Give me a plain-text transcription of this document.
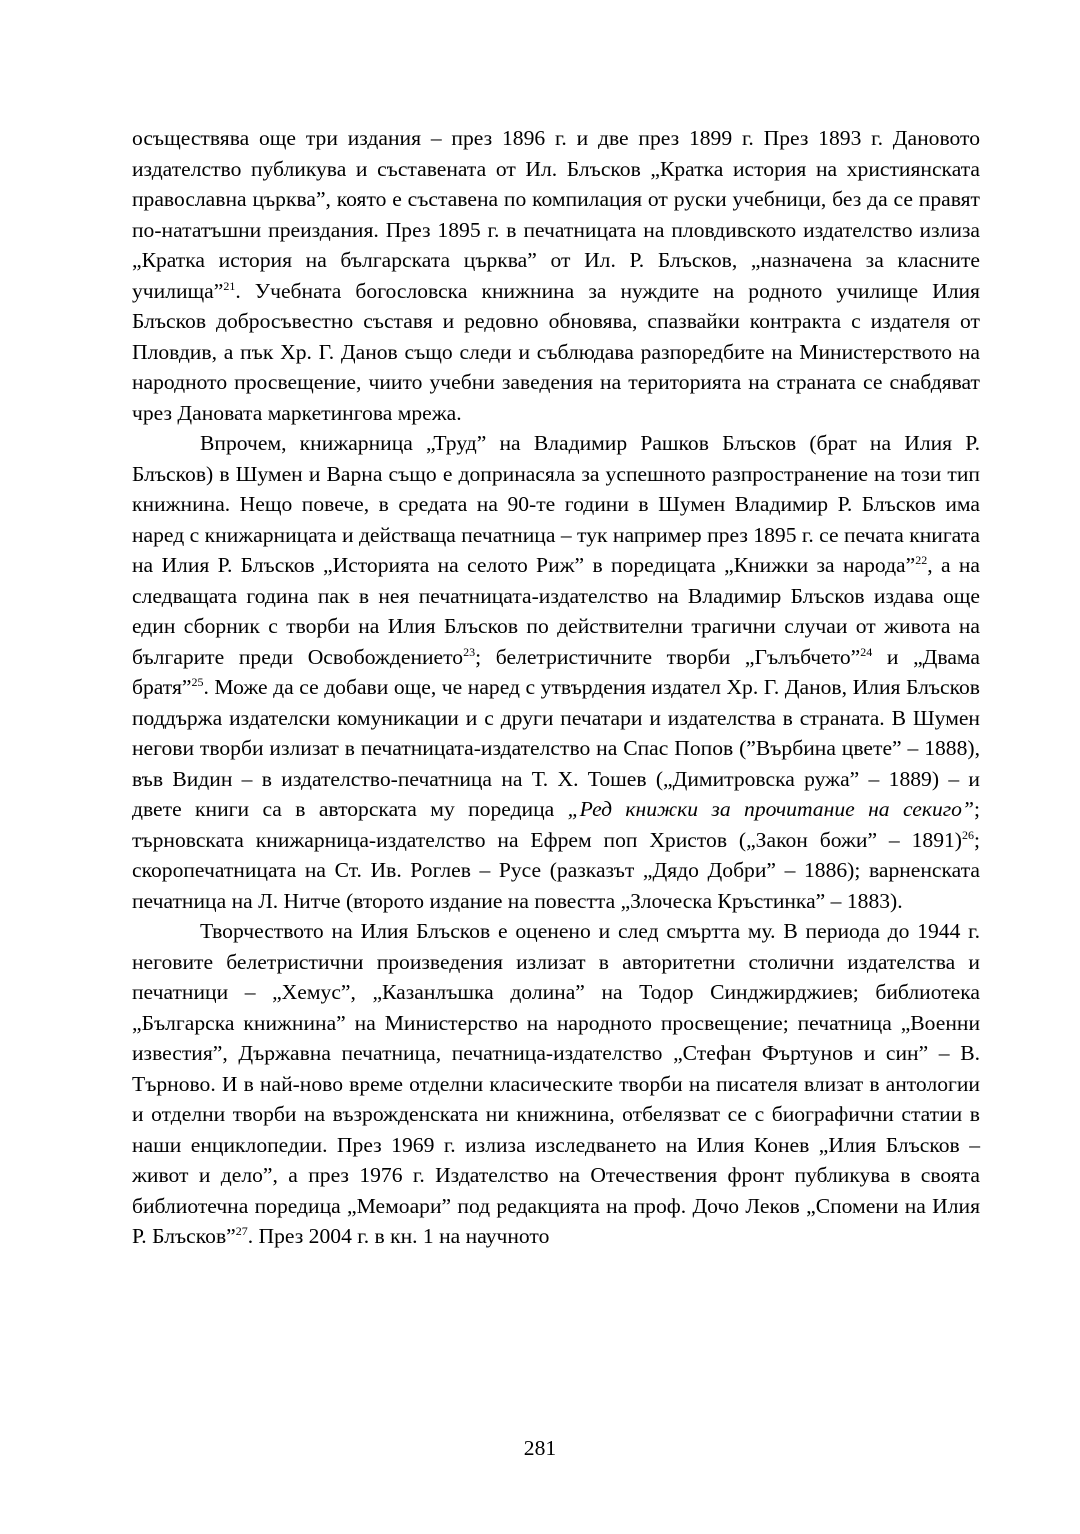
осъществява още три издания – през 1896 г. и две през 1899 г. През 1893 г. Дановото издателство публикува и съставената от Ил. Блъсков „Кратка история на християнската православна църква”, която е съставена по компилация от руски учебници, без да се правят по-нататъшни преиздания. През 1895 г. в печатницата на пловдивското издателство излиза „Кратка история на българската църква” от Ил. Р. Блъсков, „назначена за класните училища”$^{21}$. Учебната богословска книжнина за нуждите на родното училище Илия Блъсков добросъвестно съставя и редовно обновява, спазвайки контракта с издателя от Пловдив, а пък Хр. Г. Данов също следи и съблюдава разпоредбите на Министерството на народното просвещение, чиито учебни заведения на територията на страната се снабдяват чрез Дановата маркетингова мрежа.

Впрочем, книжарница „Труд” на Владимир Рашков Блъсков (брат на Илия Р. Блъсков) в Шумен и Варна също е допринасяла за успешното разпространение на този тип книжнина. Нещо повече, в средата на 90-те години в Шумен Владимир Р. Блъсков има наред с книжарницата и действаща печатница – тук например през 1895 г. се печата книгата на Илия Р. Блъсков „Историята на селото Риж” в поредицата „Книжки за народа”$^{22}$, а на следващата година пак в нея печатницата-издателство на Владимир Блъсков издава още един сборник с творби на Илия Блъсков по действителни трагични случаи от живота на българите преди Освобождението$^{23}$; белетристичните творби „Гълъбчето”$^{24}$ и „Двама братя”$^{25}$. Може да се добави още, че наред с утвърдения издател Хр. Г. Данов, Илия Блъсков поддържа издателски комуникации и с други печатари и издателства в страната. В Шумен негови творби излизат в печатницата-издателство на Спас Попов (”Върбина цвете” – 1888), във Видин – в издателство-печатница на Т. Х. Тошев („Димитровска ружа” – 1889) – и двете книги са в авторската му поредица „Ред книжки за прочитание на секиго”; търновската книжарница-издателство на Ефрем поп Христов („Закон божи” – 1891)$^{26}$; скоропечатницата на Ст. Ив. Роглев – Русе (разказът „Дядо Добри” – 1886); варненската печатница на Л. Нитче (второто издание на повестта „Злоческа Кръстинка” – 1883).

Творчеството на Илия Блъсков е оценено и след смъртта му. В периода до 1944 г. неговите белетристични произведения излизат в авторитетни столични издателства и печатници – „Хемус”, „Казанлъшка долина” на Тодор Синджирджиев; библиотека „Българска книжнина” на Министерство на народното просвещение; печатница „Военни известия”, Държавна печатница, печатница-издателство „Стефан Фъртунов и син” – В. Търново. И в най-ново време отделни класическите творби на писателя влизат в антологии и отделни творби на възрожденската ни книжнина, отбелязват се с биографични статии в наши енциклопедии. През 1969 г. излиза изследването на Илия Конев „Илия Блъсков – живот и дело”, а през 1976 г. Издателство на Отечествения фронт публикува в своята библиотечна поредица „Мемоари” под редакцията на проф. Дочо Леков „Спомени на Илия Р. Блъсков”$^{27}$. През 2004 г. в кн. 1 на научното

281
